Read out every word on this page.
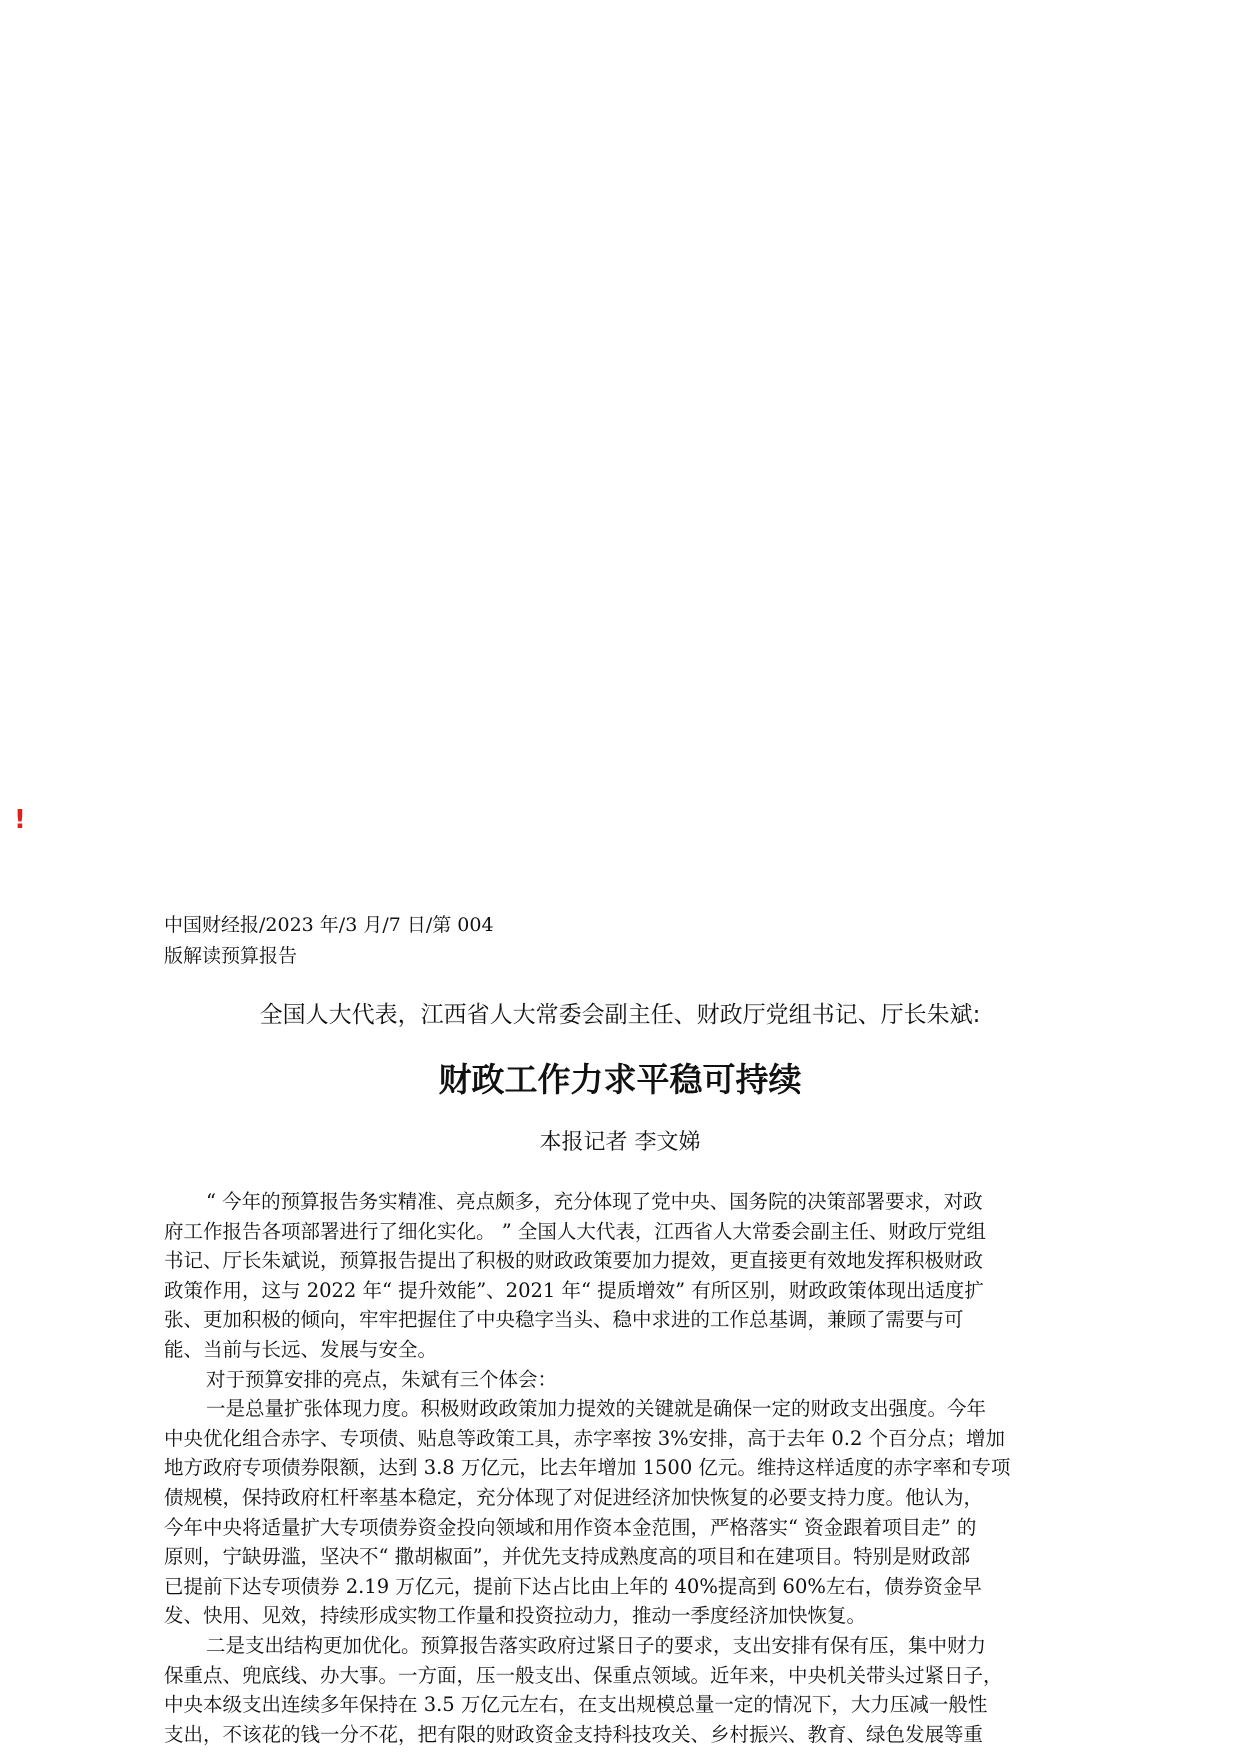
!
中国财经报/2023 年/3 月/7 日/第 004
版解读预算报告
全国人大代表，江西省人大常委会副主任、财政厅党组书记、厅长朱斌:
财政工作力求平稳可持续
本报记者 李文娣
“ 今年的预算报告务实精准、亮点颇多，充分体现了党中央、国务院的决策部署要求，对政
府工作报告各项部署进行了细化实化。 ” 全国人大代表，江西省人大常委会副主任、财政厅党组
书记、厅长朱斌说，预算报告提出了积极的财政政策要加力提效，更直接更有效地发挥积极财政
政策作用，这与 2022 年“ 提升效能”、2021 年“ 提质增效” 有所区别，财政政策体现出适度扩
张、更加积极的倾向，牢牢把握住了中央稳字当头、稳中求进的工作总基调，兼顾了需要与可
能、当前与长远、发展与安全。
对于预算安排的亮点，朱斌有三个体会：
一是总量扩张体现力度。积极财政政策加力提效的关键就是确保一定的财政支出强度。今年
中央优化组合赤字、专项债、贴息等政策工具，赤字率按 3%安排，高于去年 0.2 个百分点；增加
地方政府专项债券限额，达到 3.8 万亿元，比去年增加 1500 亿元。维持这样适度的赤字率和专项
债规模，保持政府杠杆率基本稳定，充分体现了对促进经济加快恢复的必要支持力度。他认为，
今年中央将适量扩大专项债券资金投向领域和用作资本金范围，严格落实“ 资金跟着项目走” 的
原则，宁缺毋滥，坚决不“ 撒胡椒面”，并优先支持成熟度高的项目和在建项目。特别是财政部
已提前下达专项债券 2.19 万亿元，提前下达占比由上年的 40%提高到 60%左右，债券资金早
发、快用、见效，持续形成实物工作量和投资拉动力，推动一季度经济加快恢复。
二是支出结构更加优化。预算报告落实政府过紧日子的要求，支出安排有保有压，集中财力
保重点、兜底线、办大事。一方面，压一般支出、保重点领域。近年来，中央机关带头过紧日子，
中央本级支出连续多年保持在 3.5 万亿元左右，在支出规模总量一定的情况下，大力压减一般性
支出，不该花的钱一分不花，把有限的财政资金支持科技攻关、乡村振兴、教育、绿色发展等重
